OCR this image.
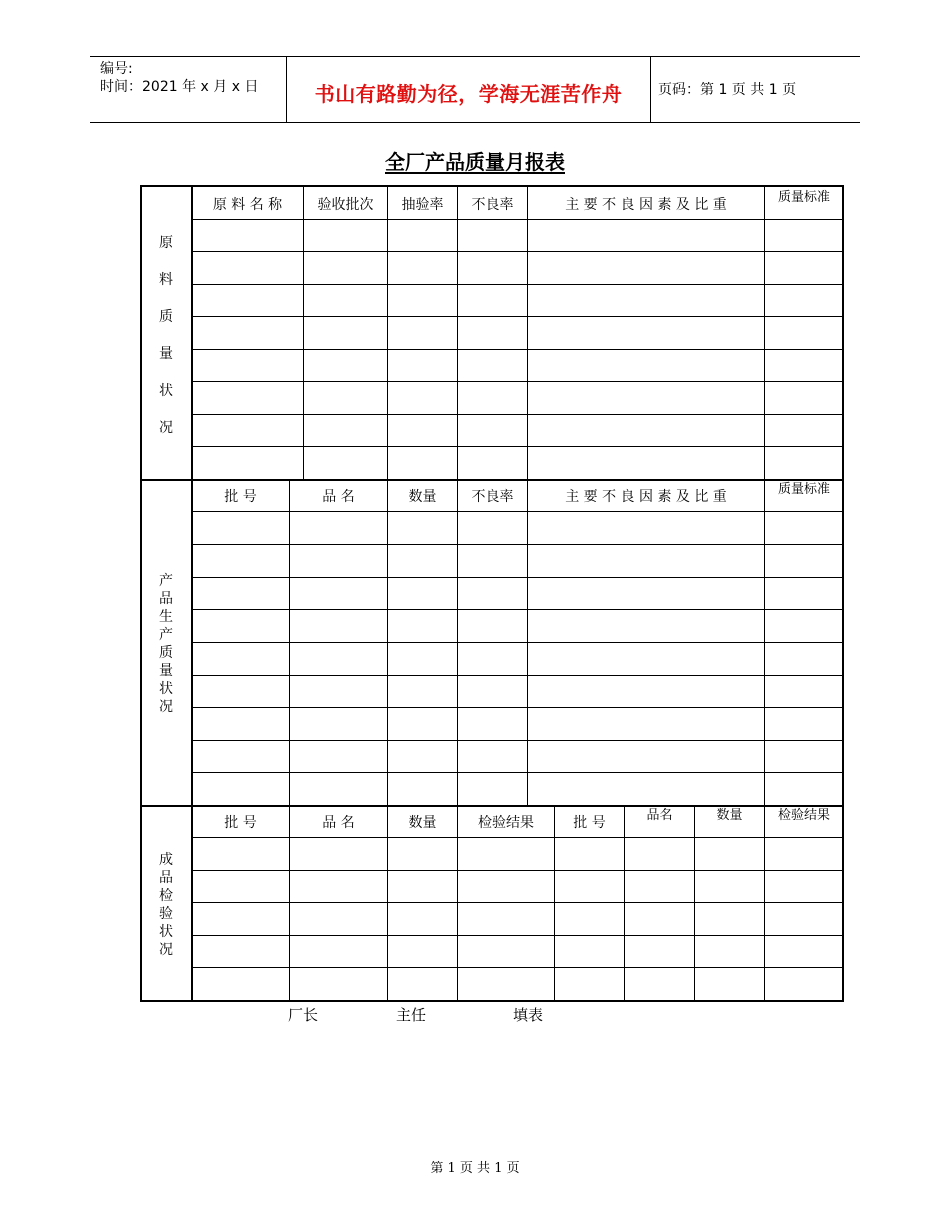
编号:
时间：2021 年 x 月 x 日	书山有路勤为径，学海无涯苦作舟	页码：第 1 页 共 1 页
全厂产品质量月报表
原 料 名 称	验收批次	抽验率	不良率	主 要 不 良 因 素 及 比 重	质量标准
原
料
质
量
状
况
批 号	品 名	数量	不良率	主 要 不 良 因 素 及 比 重	质量标准
产
品
生
产
质
量
状
况
批 号	品 名	数量	检验结果	批 号	品名	数量	检验结果
成
品
检
验
状
况
厂长	主任	填表
第 1 页 共 1 页
